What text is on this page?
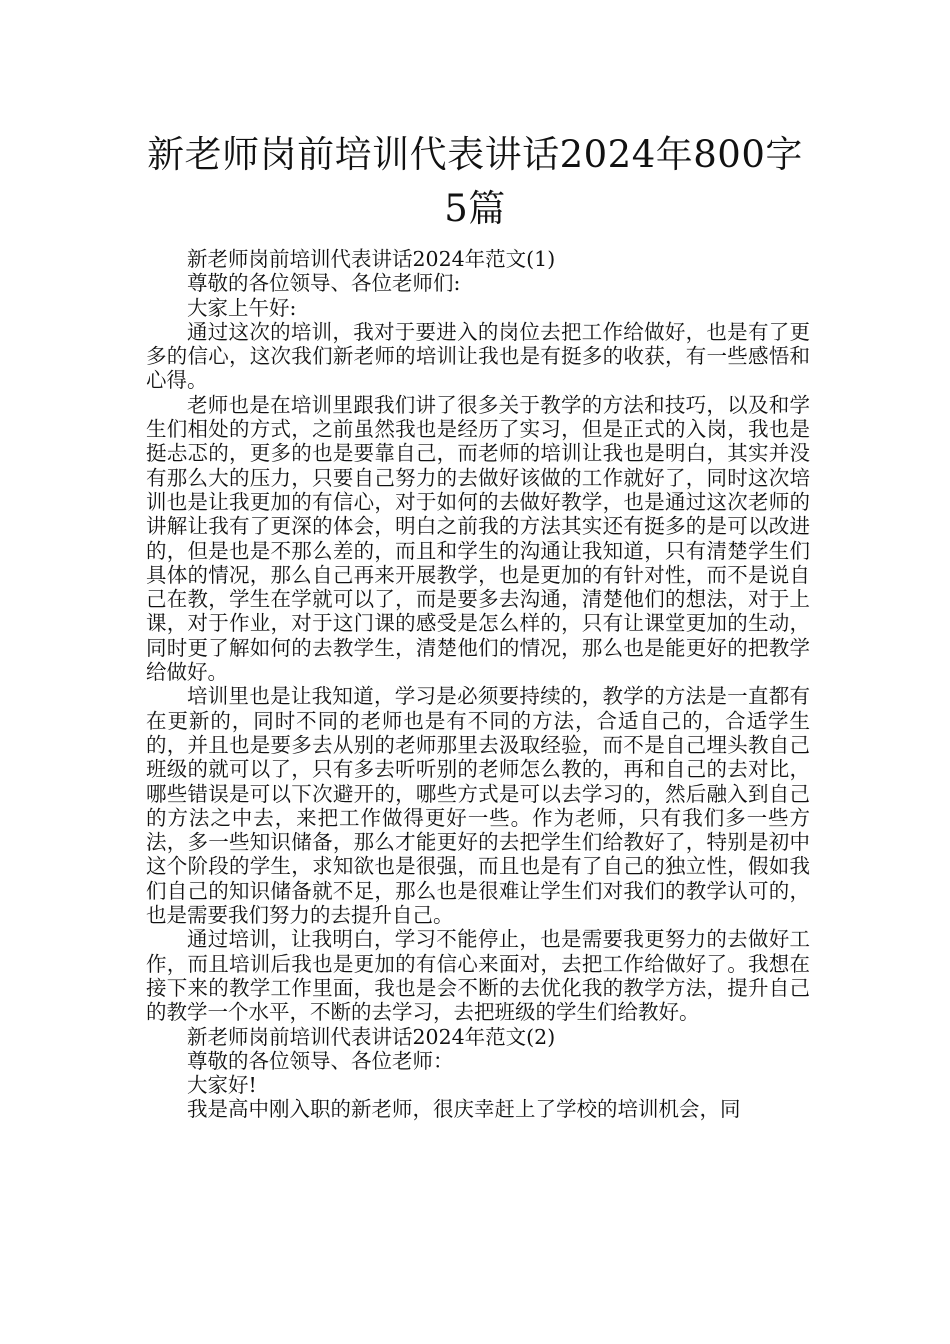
新老师岗前培训代表讲话2024年800字5篇

新老师岗前培训代表讲话2024年范文(1)

尊敬的各位领导、各位老师们:

大家上午好:

通过这次的培训，我对于要进入的岗位去把工作给做好，也是有了更多的信心，这次我们新老师的培训让我也是有挺多的收获，有一些感悟和心得。

老师也是在培训里跟我们讲了很多关于教学的方法和技巧，以及和学生们相处的方式，之前虽然我也是经历了实习，但是正式的入岗，我也是挺忐忑的，更多的也是要靠自己，而老师的培训让我也是明白，其实并没有那么大的压力，只要自己努力的去做好该做的工作就好了，同时这次培训也是让我更加的有信心，对于如何的去做好教学，也是通过这次老师的讲解让我有了更深的体会，明白之前我的方法其实还有挺多的是可以改进的，但是也是不那么差的，而且和学生的沟通让我知道，只有清楚学生们具体的情况，那么自己再来开展教学，也是更加的有针对性，而不是说自己在教，学生在学就可以了，而是要多去沟通，清楚他们的想法，对于上课，对于作业，对于这门课的感受是怎么样的，只有让课堂更加的生动，同时更了解如何的去教学生，清楚他们的情况，那么也是能更好的把教学给做好。

培训里也是让我知道，学习是必须要持续的，教学的方法是一直都有在更新的，同时不同的老师也是有不同的方法，合适自己的，合适学生的，并且也是要多去从别的老师那里去汲取经验，而不是自己埋头教自己班级的就可以了，只有多去听听别的老师怎么教的，再和自己的去对比，哪些错误是可以下次避开的，哪些方式是可以去学习的，然后融入到自己的方法之中去，来把工作做得更好一些。作为老师，只有我们多一些方法，多一些知识储备，那么才能更好的去把学生们给教好了，特别是初中这个阶段的学生，求知欲也是很强，而且也是有了自己的独立性，假如我们自己的知识储备就不足，那么也是很难让学生们对我们的教学认可的，也是需要我们努力的去提升自己。

通过培训，让我明白，学习不能停止，也是需要我更努力的去做好工作，而且培训后我也是更加的有信心来面对，去把工作给做好了。我想在接下来的教学工作里面，我也是会不断的去优化我的教学方法，提升自己的教学一个水平，不断的去学习，去把班级的学生们给教好。

新老师岗前培训代表讲话2024年范文(2)

尊敬的各位领导、各位老师：

大家好!

我是高中刚入职的新老师，很庆幸赶上了学校的培训机会，同
